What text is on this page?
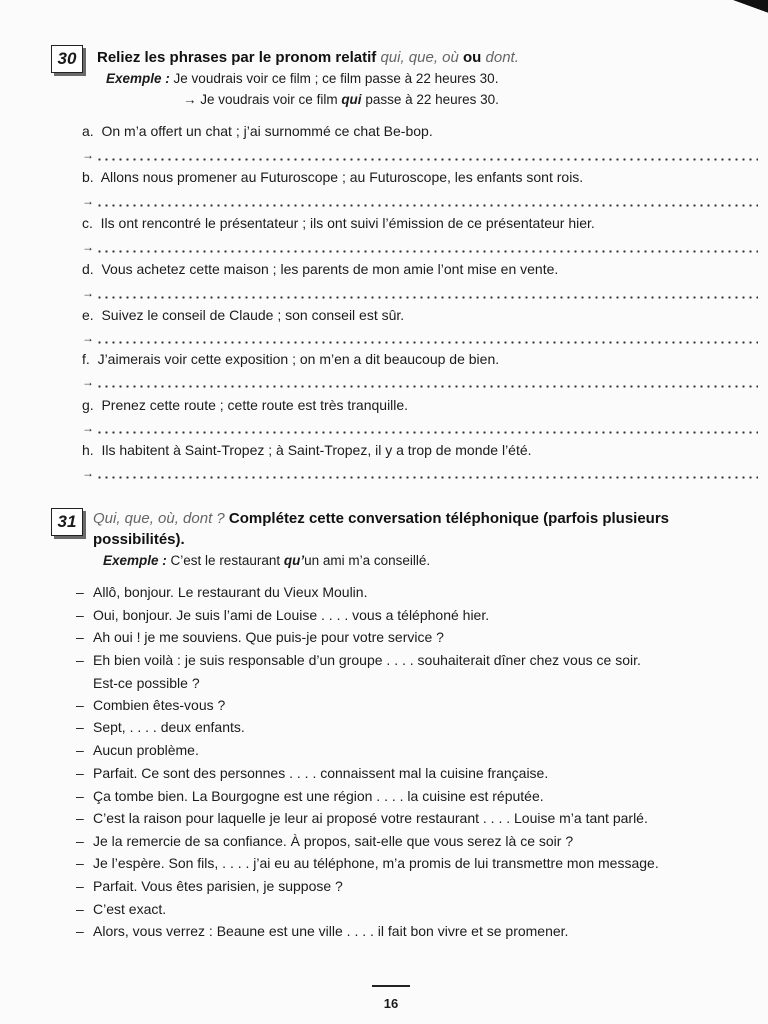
30 Reliez les phrases par le pronom relatif qui, que, où ou dont.
Exemple : Je voudrais voir ce film ; ce film passe à 22 heures 30.
→ Je voudrais voir ce film qui passe à 22 heures 30.
a. On m’a offert un chat ; j’ai surnommé ce chat Be-bop.
→
b. Allons nous promener au Futuroscope ; au Futuroscope, les enfants sont rois.
→
c. Ils ont rencontré le présentateur ; ils ont suivi l’émission de ce présentateur hier.
→
d. Vous achetez cette maison ; les parents de mon amie l’ont mise en vente.
→
e. Suivez le conseil de Claude ; son conseil est sûr.
→
f. J’aimerais voir cette exposition ; on m’en a dit beaucoup de bien.
→
g. Prenez cette route ; cette route est très tranquille.
→
h. Ils habitent à Saint-Tropez ; à Saint-Tropez, il y a trop de monde l’été.
→
31 Qui, que, où, dont ? Complétez cette conversation téléphonique (parfois plusieurs
possibilités).
Exemple : C’est le restaurant qu’un ami m’a conseillé.
– Allô, bonjour. Le restaurant du Vieux Moulin.
– Oui, bonjour. Je suis l’ami de Louise . . . . vous a téléphoné hier.
– Ah oui ! je me souviens. Que puis-je pour votre service ?
– Eh bien voilà : je suis responsable d’un groupe . . . . souhaiterait dîner chez vous ce soir.
Est-ce possible ?
– Combien êtes-vous ?
– Sept, . . . . deux enfants.
– Aucun problème.
– Parfait. Ce sont des personnes . . . . connaissent mal la cuisine française.
– Ça tombe bien. La Bourgogne est une région . . . . la cuisine est réputée.
– C’est la raison pour laquelle je leur ai proposé votre restaurant . . . . Louise m’a tant parlé.
– Je la remercie de sa confiance. À propos, sait-elle que vous serez là ce soir ?
– Je l’espère. Son fils, . . . . j’ai eu au téléphone, m’a promis de lui transmettre mon message.
– Parfait. Vous êtes parisien, je suppose ?
– C’est exact.
– Alors, vous verrez : Beaune est une ville . . . . il fait bon vivre et se promener.
16
